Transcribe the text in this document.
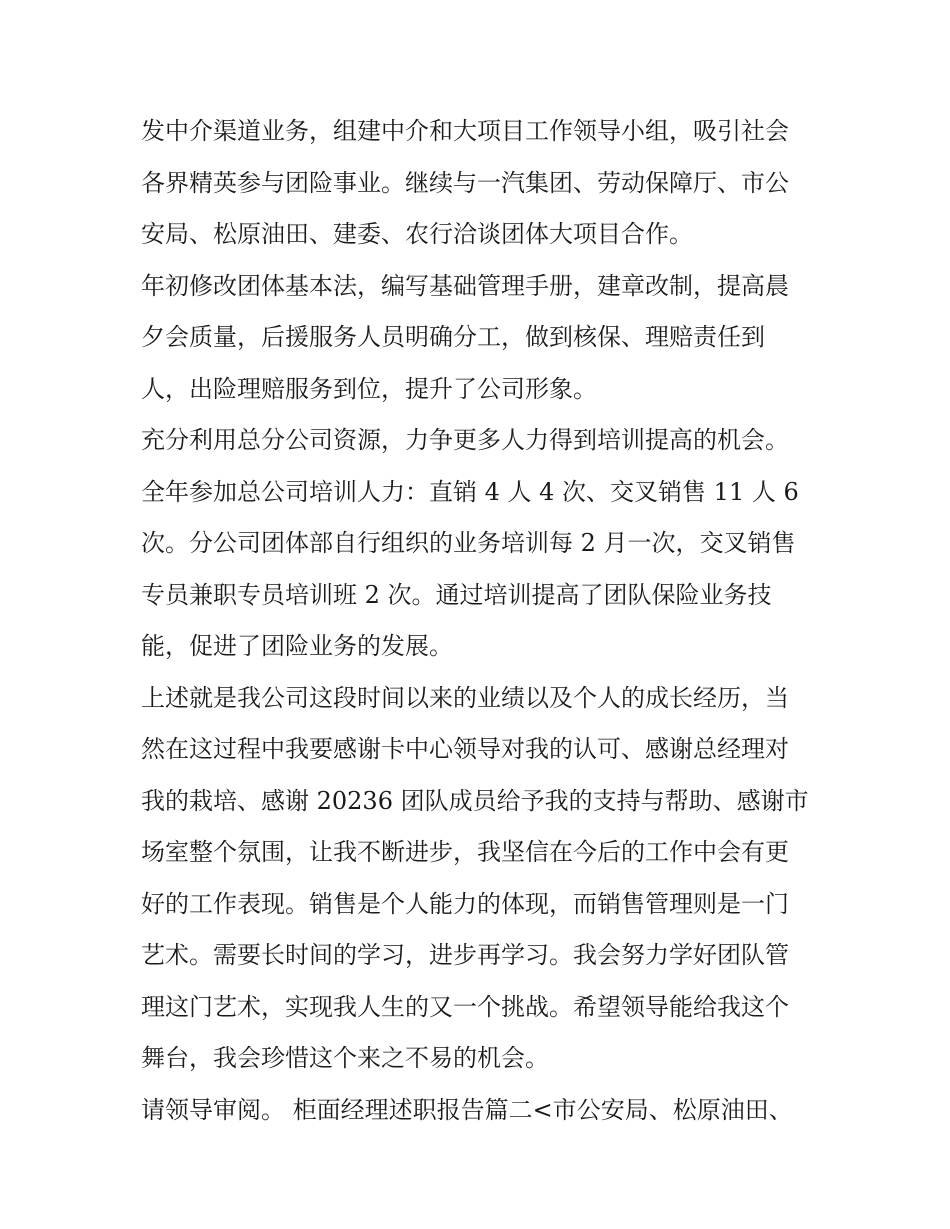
发中介渠道业务，组建中介和大项目工作领导小组，吸引社会
各界精英参与团险事业。继续与一汽集团、劳动保障厅、市公
安局、松原油田、建委、农行洽谈团体大项目合作。
年初修改团体基本法，编写基础管理手册，建章改制，提高晨
夕会质量，后援服务人员明确分工，做到核保、理赔责任到
人，出险理赔服务到位，提升了公司形象。
充分利用总分公司资源，力争更多人力得到培训提高的机会。
全年参加总公司培训人力：直销 4 人 4 次、交叉销售 11 人 6
次。分公司团体部自行组织的业务培训每 2 月一次，交叉销售
专员兼职专员培训班 2 次。通过培训提高了团队保险业务技
能，促进了团险业务的发展。
上述就是我公司这段时间以来的业绩以及个人的成长经历，当
然在这过程中我要感谢卡中心领导对我的认可、感谢总经理对
我的栽培、感谢 20236 团队成员给予我的支持与帮助、感谢市
场室整个氛围，让我不断进步，我坚信在今后的工作中会有更
好的工作表现。销售是个人能力的体现，而销售管理则是一门
艺术。需要长时间的学习，进步再学习。我会努力学好团队管
理这门艺术，实现我人生的又一个挑战。希望领导能给我这个
舞台，我会珍惜这个来之不易的机会。
请领导审阅。 柜面经理述职报告篇二<市公安局、松原油田、
